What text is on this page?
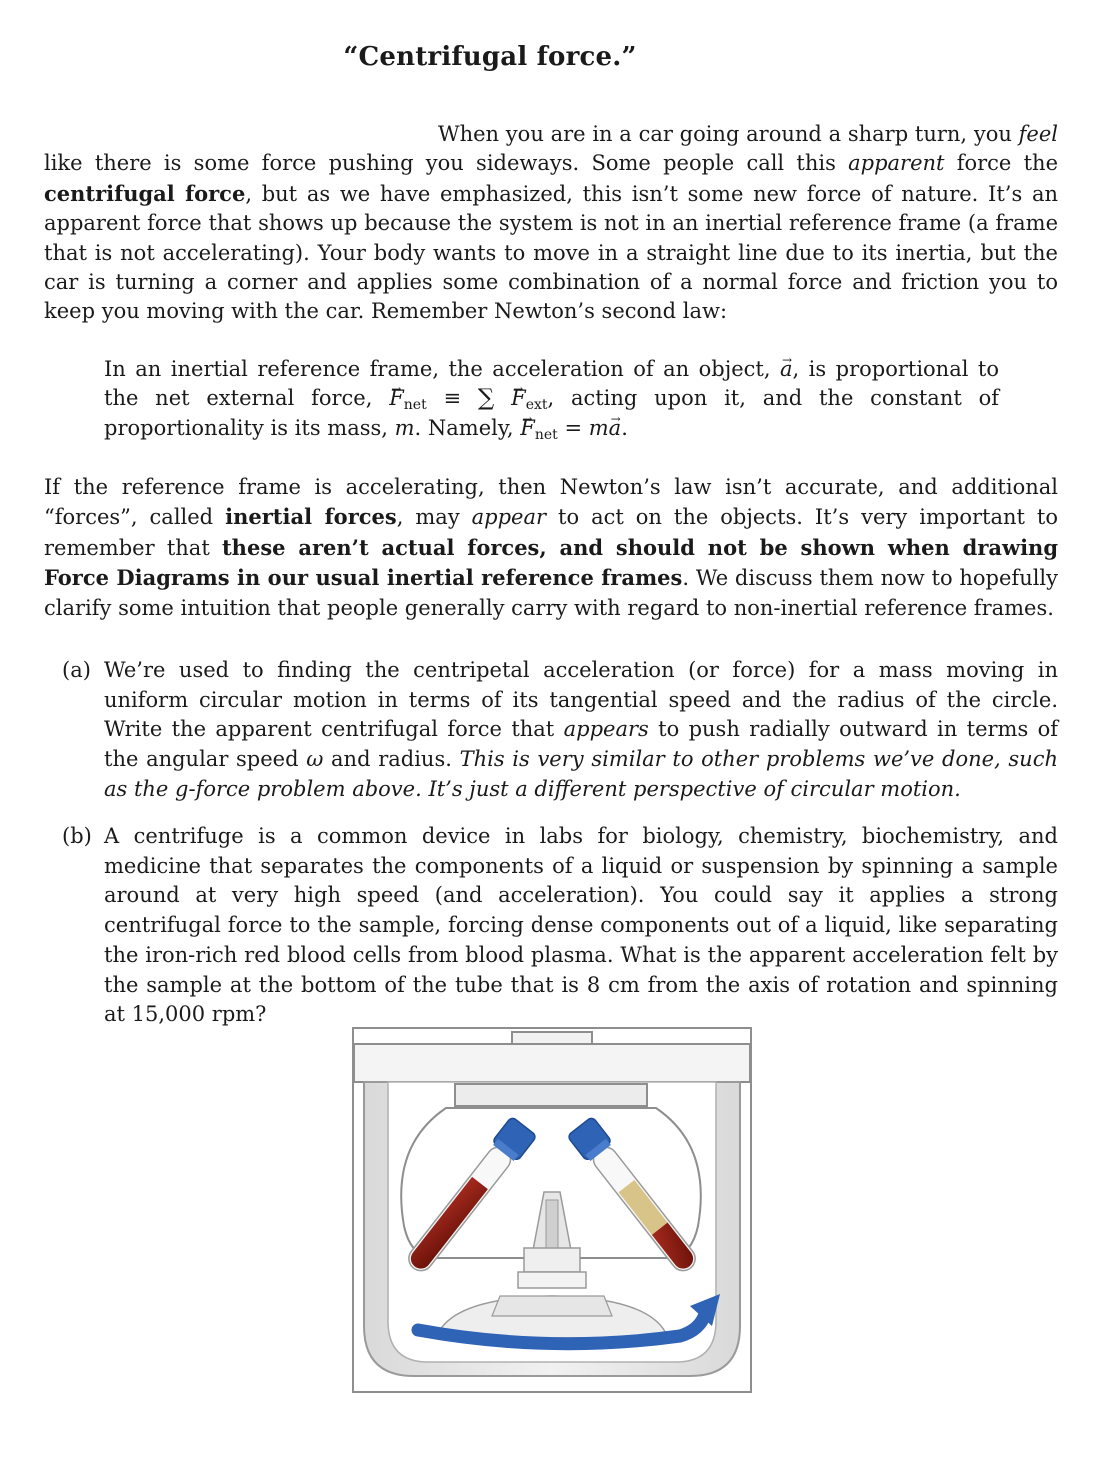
“Centrifugal force.”
When you are in a car going around a sharp turn, you feel like there is some force pushing you sideways. Some people call this apparent force the centrifugal force, but as we have emphasized, this isn’t some new force of nature. It’s an apparent force that shows up because the system is not in an inertial reference frame (a frame that is not accelerating). Your body wants to move in a straight line due to its inertia, but the car is turning a corner and applies some combination of a normal force and friction you to keep you moving with the car. Remember Newton’s second law:
In an inertial reference frame, the acceleration of an object, → a, is proportional to the net external force, → $F_{net}$ ≡ ∑ → $F_{ext}$, acting upon it, and the constant of proportionality is its mass, m. Namely, → $F_{net} = m\to a$.
If the reference frame is accelerating, then Newton’s law isn’t accurate, and additional “forces”, called inertial forces, may appear to act on the objects. It’s very important to remember that these aren’t actual forces, and should not be shown when drawing Force Diagrams in our usual inertial reference frames. We discuss them now to hopefully clarify some intuition that people generally carry with regard to non-inertial reference frames.
(a) We’re used to finding the centripetal acceleration (or force) for a mass moving in uniform circular motion in terms of its tangential speed and the radius of the circle. Write the apparent centrifugal force that appears to push radially outward in terms of the angular speed ω and radius. This is very similar to other problems we’ve done, such as the g-force problem above. It’s just a different perspective of circular motion.
(b) A centrifuge is a common device in labs for biology, chemistry, biochemistry, and medicine that separates the components of a liquid or suspension by spinning a sample around at very high speed (and acceleration). You could say it applies a strong centrifugal force to the sample, forcing dense components out of a liquid, like separating the iron-rich red blood cells from blood plasma. What is the apparent acceleration felt by the sample at the bottom of the tube that is 8 cm from the axis of rotation and spinning at 15,000 rpm?
